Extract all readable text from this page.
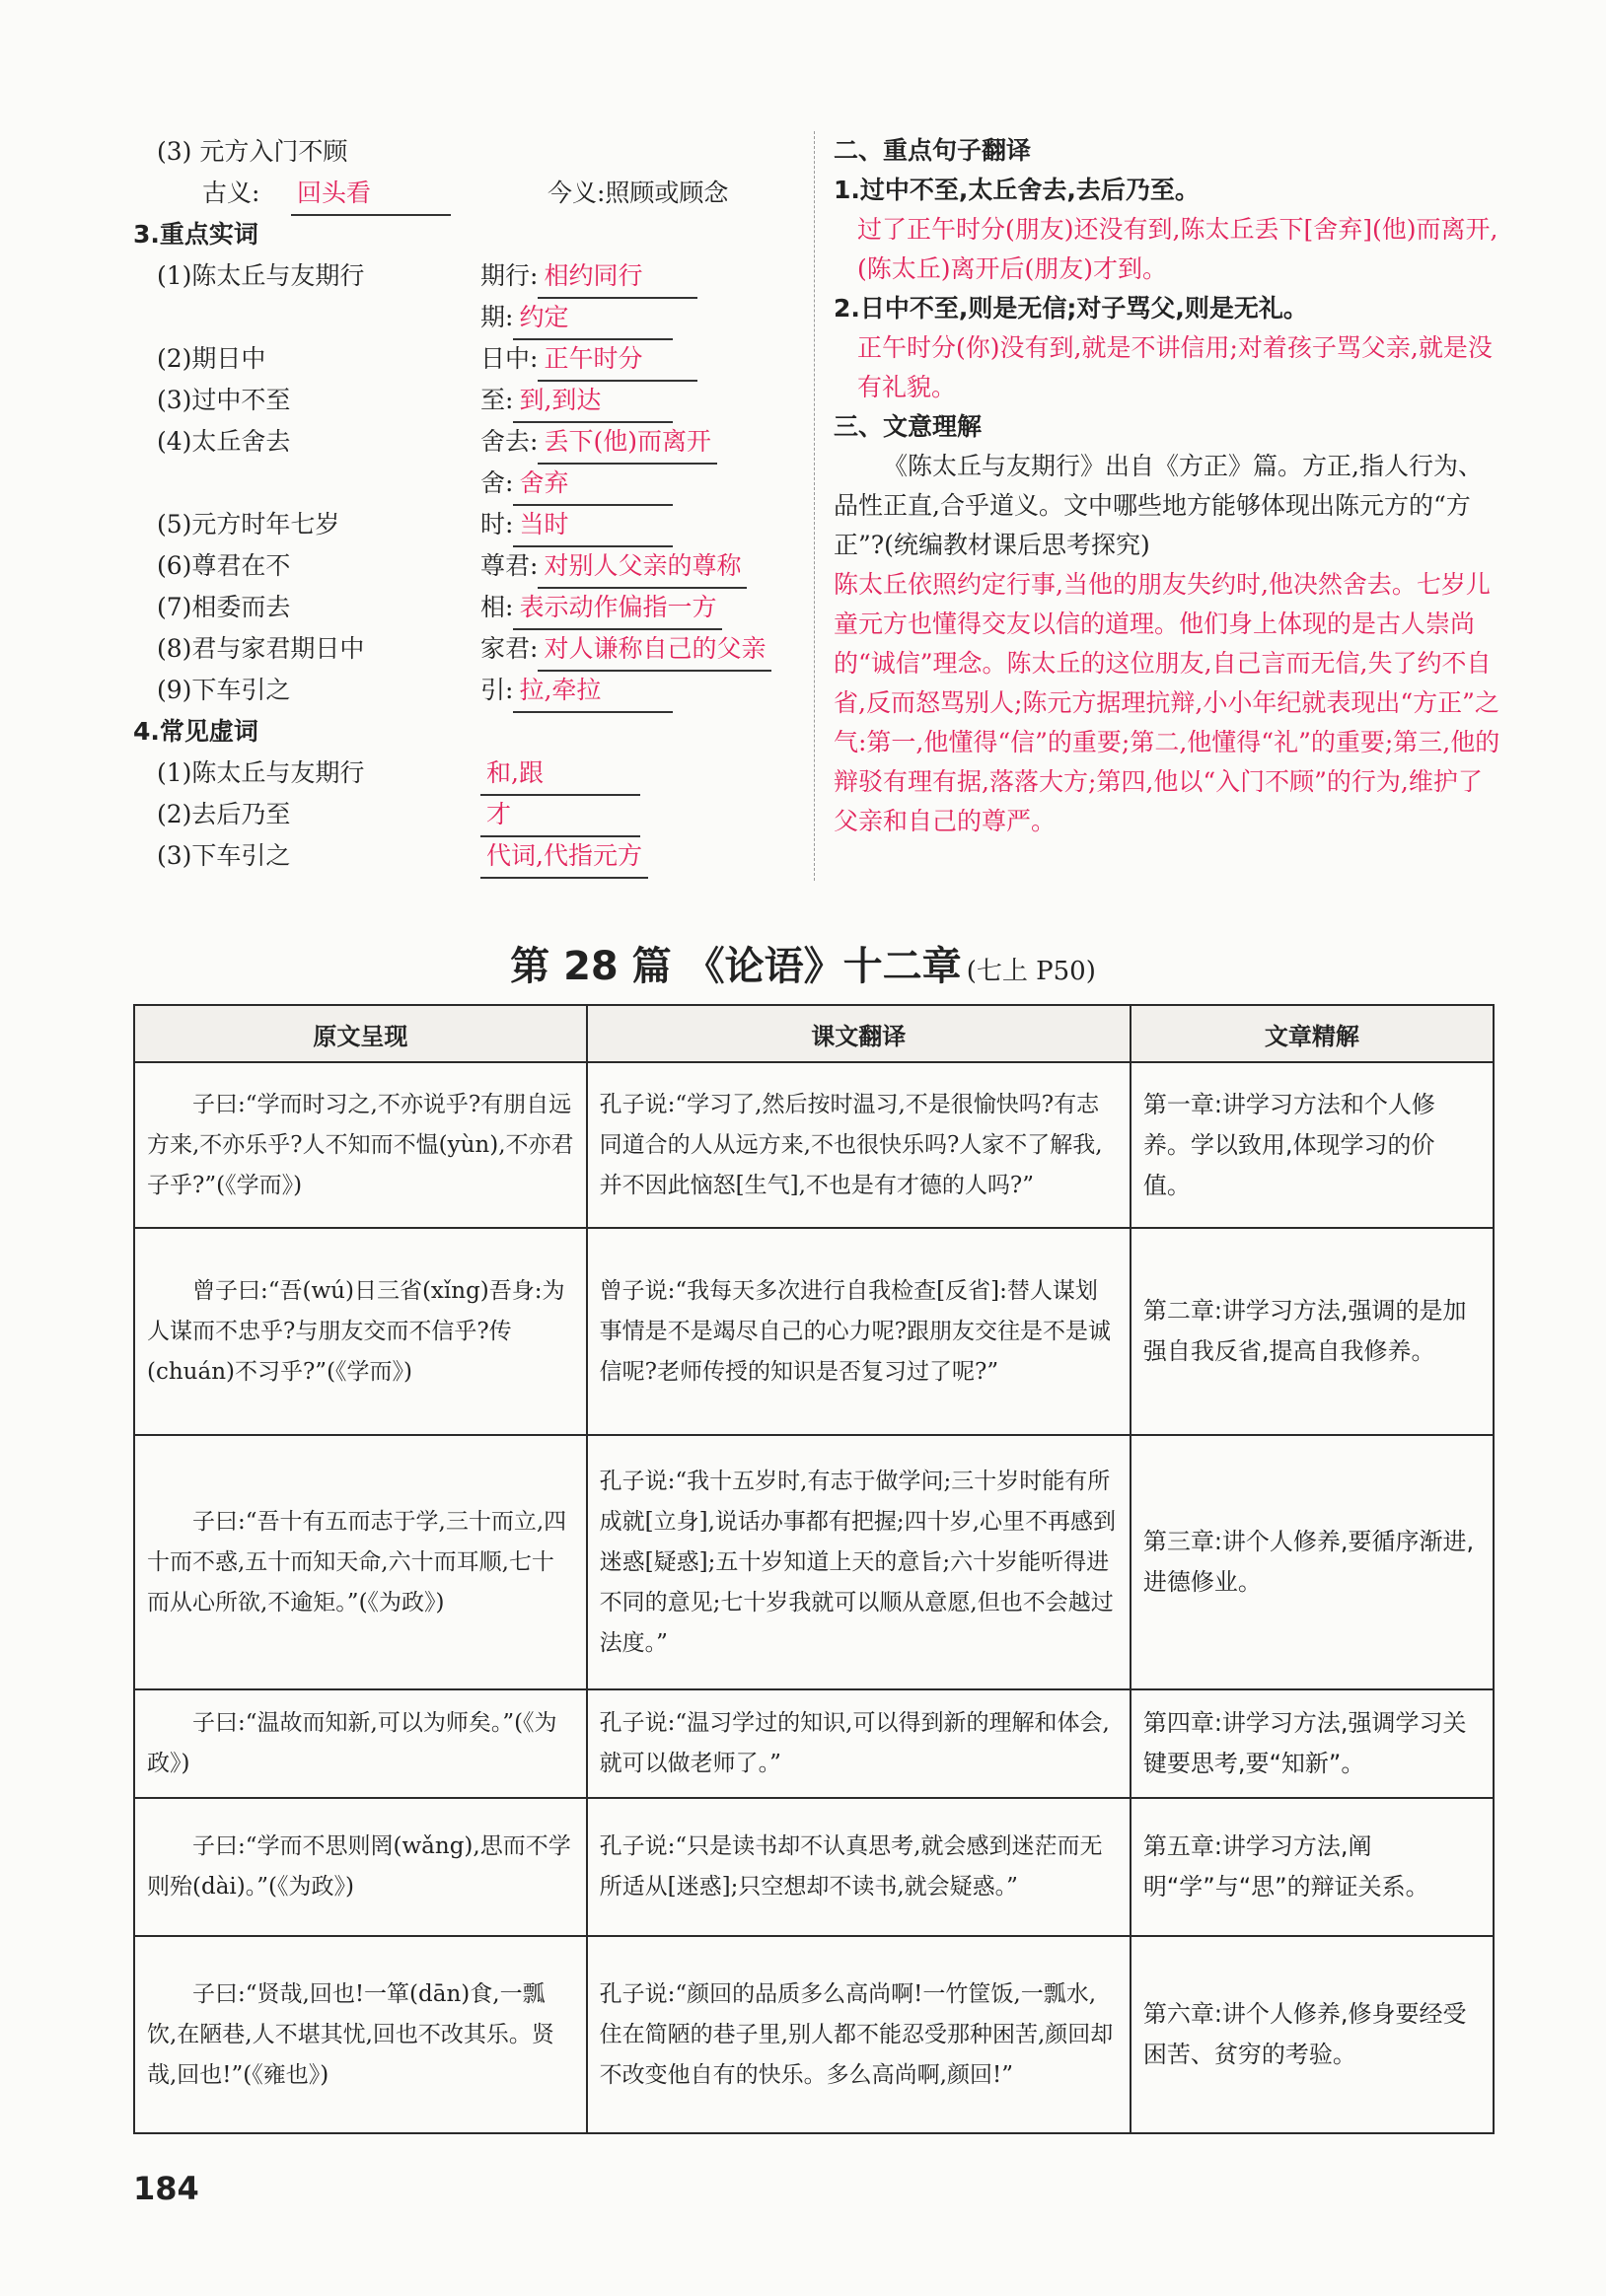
(3) 元方入门不顾
古义: 回头看	今义:照顾或顾念
3.重点实词
(1)陈太丘与友期行	期行: 相约同行
期: 约定
(2)期日中	日中: 正午时分
(3)过中不至	至: 到,到达
(4)太丘舍去	舍去: 丢下(他)而离开
舍: 舍弃
(5)元方时年七岁	时: 当时
(6)尊君在不	尊君: 对别人父亲的尊称
(7)相委而去	相: 表示动作偏指一方
(8)君与家君期日中	家君: 对人谦称自己的父亲
(9)下车引之	引: 拉,牵拉
4.常见虚词
(1)陈太丘与友期行	和,跟
(2)去后乃至	才
(3)下车引之	代词,代指元方
二、重点句子翻译
1.过中不至,太丘舍去,去后乃至。
过了正午时分(朋友)还没有到,陈太丘丢下[舍弃](他)而离开,(陈太丘)离开后(朋友)才到。
2.日中不至,则是无信;对子骂父,则是无礼。
正午时分(你)没有到,就是不讲信用;对着孩子骂父亲,就是没有礼貌。
三、文意理解
《陈太丘与友期行》出自《方正》篇。方正,指人行为、品性正直,合乎道义。文中哪些地方能够体现出陈元方的“方正”?(统编教材课后思考探究)
陈太丘依照约定行事,当他的朋友失约时,他决然舍去。七岁儿童元方也懂得交友以信的道理。他们身上体现的是古人崇尚的“诚信”理念。陈太丘的这位朋友,自己言而无信,失了约不自省,反而怒骂别人;陈元方据理抗辩,小小年纪就表现出“方正”之气:第一,他懂得“信”的重要;第二,他懂得“礼”的重要;第三,他的辩驳有理有据,落落大方;第四,他以“入门不顾”的行为,维护了父亲和自己的尊严。
第 28 篇 《论语》十二章 (七上 P50)
原文呈现	课文翻译	文章精解
子曰:“学而时习之,不亦说乎?有朋自远方来,不亦乐乎?人不知而不愠(yùn),不亦君子乎?”(《学而》)	孔子说:“学习了,然后按时温习,不是很愉快吗?有志同道合的人从远方来,不也很快乐吗?人家不了解我,并不因此恼怒[生气],不也是有才德的人吗?”	第一章:讲学习方法和个人修养。学以致用,体现学习的价值。
曾子曰:“吾(wú)日三省(xǐng)吾身:为人谋而不忠乎?与朋友交而不信乎?传(chuán)不习乎?”(《学而》)	曾子说:“我每天多次进行自我检查[反省]:替人谋划事情是不是竭尽自己的心力呢?跟朋友交往是不是诚信呢?老师传授的知识是否复习过了呢?”	第二章:讲学习方法,强调的是加强自我反省,提高自我修养。
子曰:“吾十有五而志于学,三十而立,四十而不惑,五十而知天命,六十而耳顺,七十而从心所欲,不逾矩。”(《为政》)	孔子说:“我十五岁时,有志于做学问;三十岁时能有所成就[立身],说话办事都有把握;四十岁,心里不再感到迷惑[疑惑];五十岁知道上天的意旨;六十岁能听得进不同的意见;七十岁我就可以顺从意愿,但也不会越过法度。”	第三章:讲个人修养,要循序渐进,进德修业。
子曰:“温故而知新,可以为师矣。”(《为政》)	孔子说:“温习学过的知识,可以得到新的理解和体会,就可以做老师了。”	第四章:讲学习方法,强调学习关键要思考,要“知新”。
子曰:“学而不思则罔(wǎng),思而不学则殆(dài)。”(《为政》)	孔子说:“只是读书却不认真思考,就会感到迷茫而无所适从[迷惑];只空想却不读书,就会疑惑。”	第五章:讲学习方法,阐明“学”与“思”的辩证关系。
子曰:“贤哉,回也!一箪(dān)食,一瓢饮,在陋巷,人不堪其忧,回也不改其乐。贤哉,回也!”(《雍也》)	孔子说:“颜回的品质多么高尚啊!一竹筐饭,一瓢水,住在简陋的巷子里,别人都不能忍受那种困苦,颜回却不改变他自有的快乐。多么高尚啊,颜回!”	第六章:讲个人修养,修身要经受困苦、贫穷的考验。
184
